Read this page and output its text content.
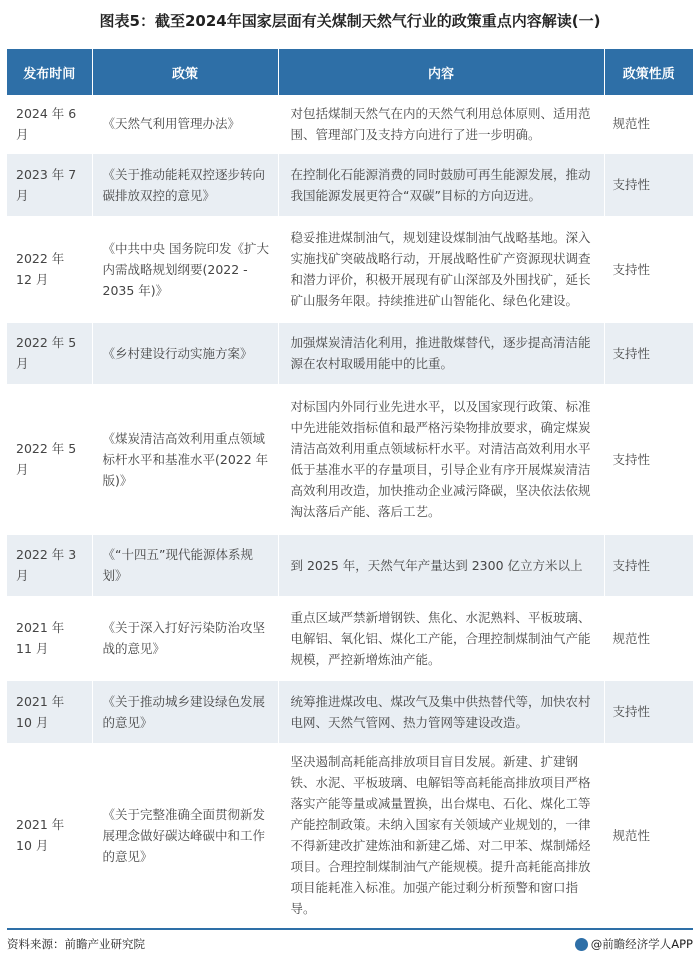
图表5：截至2024年国家层面有关煤制天然气行业的政策重点内容解读(一)
发布时间	政策	内容	政策性质
2024 年 6 月	《天然气利用管理办法》	对包括煤制天然气在内的天然气利用总体原则、适用范围、管理部门及支持方向进行了进一步明确。	规范性
2023 年 7 月	《关于推动能耗双控逐步转向碳排放双控的意见》	在控制化石能源消费的同时鼓励可再生能源发展，推动我国能源发展更符合“双碳”目标的方向迈进。	支持性
2022 年 12 月	《中共中央 国务院印发《扩大内需战略规划纲要(2022 - 2035 年)》	稳妥推进煤制油气，规划建设煤制油气战略基地。深入实施找矿突破战略行动，开展战略性矿产资源现状调查和潜力评价，积极开展现有矿山深部及外围找矿，延长矿山服务年限。持续推进矿山智能化、绿色化建设。	支持性
2022 年 5 月	《乡村建设行动实施方案》	加强煤炭清洁化利用，推进散煤替代，逐步提高清洁能源在农村取暖用能中的比重。	支持性
2022 年 5 月	《煤炭清洁高效利用重点领域标杆水平和基准水平(2022 年版)》	对标国内外同行业先进水平，以及国家现行政策、标准中先进能效指标值和最严格污染物排放要求，确定煤炭清洁高效利用重点领域标杆水平。对清洁高效利用水平低于基准水平的存量项目，引导企业有序开展煤炭清洁高效利用改造，加快推动企业减污降碳，坚决依法依规淘汰落后产能、落后工艺。	支持性
2022 年 3 月	《“十四五”现代能源体系规划》	到 2025 年，天然气年产量达到 2300 亿立方米以上	支持性
2021 年 11 月	《关于深入打好污染防治攻坚战的意见》	重点区域严禁新增钢铁、焦化、水泥熟料、平板玻璃、电解铝、氧化铝、煤化工产能，合理控制煤制油气产能规模，严控新增炼油产能。	规范性
2021 年 10 月	《关于推动城乡建设绿色发展的意见》	统筹推进煤改电、煤改气及集中供热替代等，加快农村电网、天然气管网、热力管网等建设改造。	支持性
2021 年 10 月	《关于完整准确全面贯彻新发展理念做好碳达峰碳中和工作的意见》	坚决遏制高耗能高排放项目盲目发展。新建、扩建钢铁、水泥、平板玻璃、电解铝等高耗能高排放项目严格落实产能等量或减量置换，出台煤电、石化、煤化工等产能控制政策。未纳入国家有关领域产业规划的，一律不得新建改扩建炼油和新建乙烯、对二甲苯、煤制烯烃项目。合理控制煤制油气产能规模。提升高耗能高排放项目能耗准入标准。加强产能过剩分析预警和窗口指导。	规范性
资料来源：前瞻产业研究院	@前瞻经济学人APP
